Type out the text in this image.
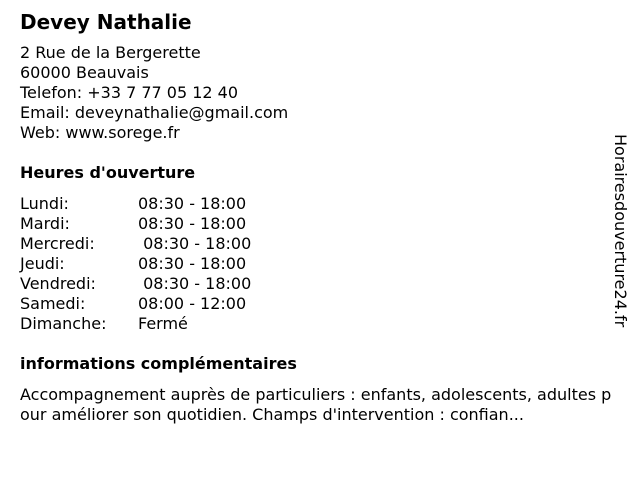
Devey Nathalie
2 Rue de la Bergerette
60000 Beauvais
Telefon: +33 7 77 05 12 40
Email: deveynathalie@gmail.com
Web: www.sorege.fr
Heures d'ouverture
Lundi:	08:30 - 18:00
Mardi:	08:30 - 18:00
Mercredi:	08:30 - 18:00
Jeudi:	08:30 - 18:00
Vendredi:	08:30 - 18:00
Samedi:	08:00 - 12:00
Dimanche:	Fermé
informations complémentaires
Accompagnement auprès de particuliers : enfants, adolescents, adultes pour améliorer son quotidien. Champs d'intervention : confian...
Horairesdouverture24.fr
